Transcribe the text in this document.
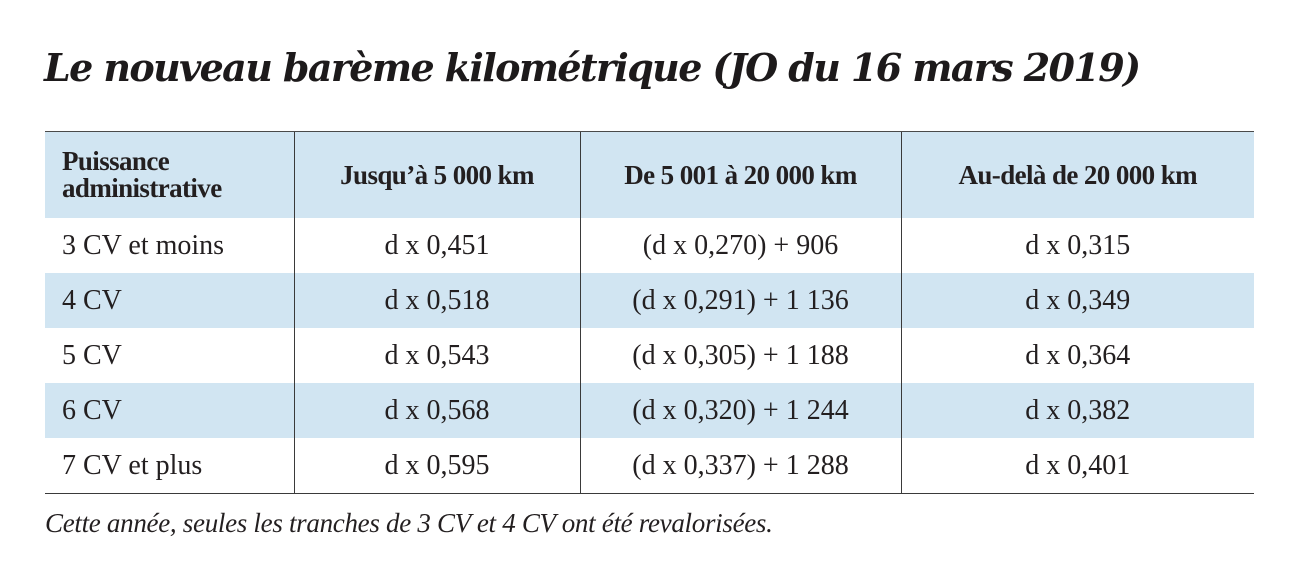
Le nouveau barème kilométrique (JO du 16 mars 2019)
Puissance administrative	Jusqu’à 5 000 km	De 5 001 à 20 000 km	Au-delà de 20 000 km
3 CV et moins	d x 0,451	(d x 0,270) + 906	d x 0,315
4 CV	d x 0,518	(d x 0,291) + 1 136	d x 0,349
5 CV	d x 0,543	(d x 0,305) + 1 188	d x 0,364
6 CV	d x 0,568	(d x 0,320) + 1 244	d x 0,382
7 CV et plus	d x 0,595	(d x 0,337) + 1 288	d x 0,401

Cette année, seules les tranches de 3 CV et 4 CV ont été revalorisées.
